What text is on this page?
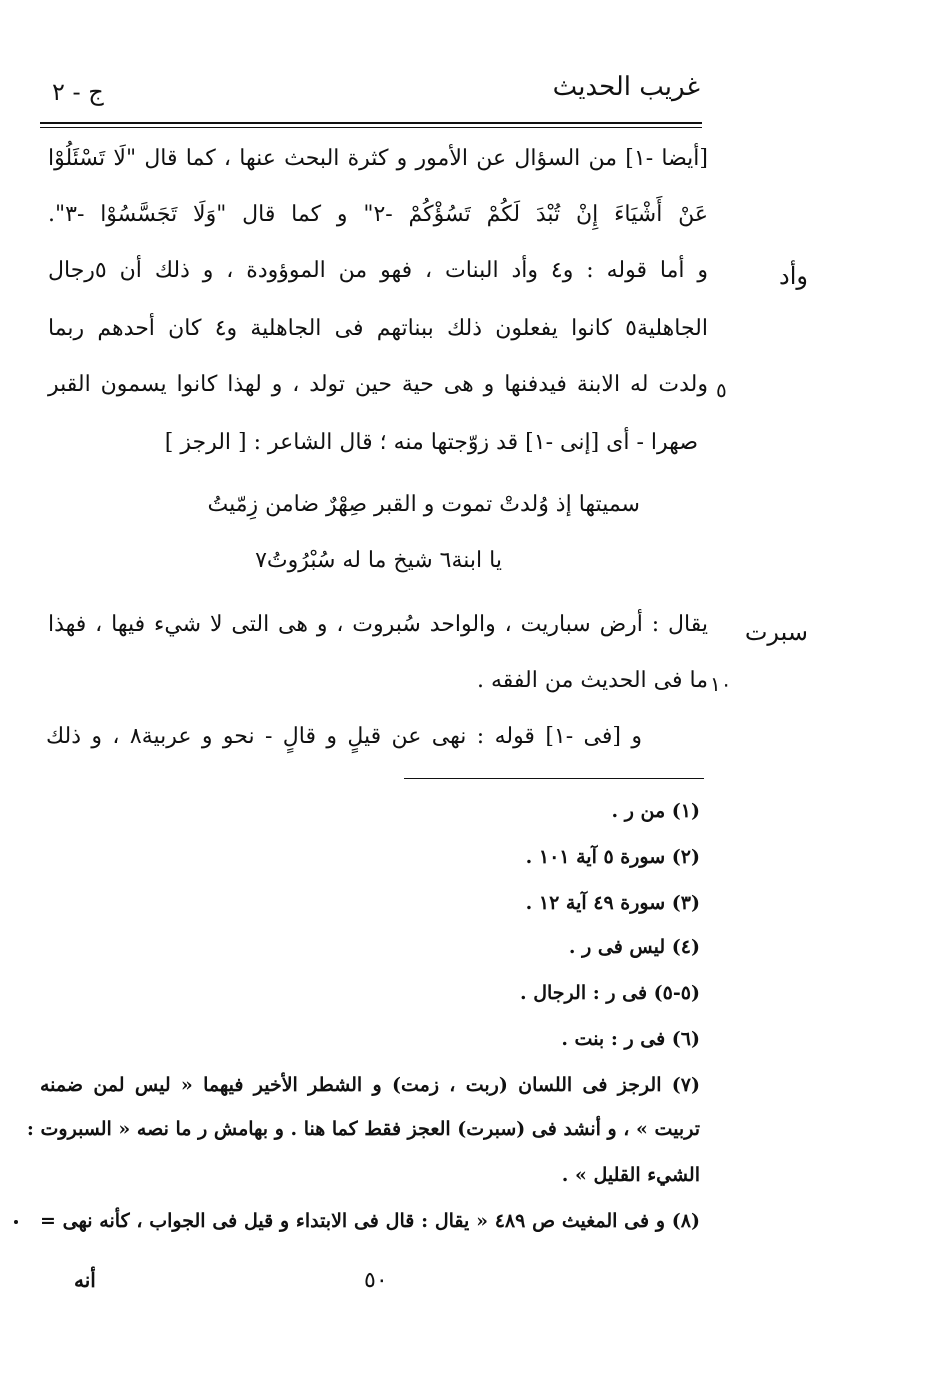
غريب الحديث
ج - ٢
[أيضا -١] من السؤال عن الأمور و كثرة البحث عنها ، كما قال "لَا تَسْئَلُوْا
عَنْ أَشْيَاءَ إِنْ تُبْدَ لَكُمْ تَسُؤْكُمْ -٢" و كما قال "وَلَا تَجَسَّسُوْا -٣".
وأد
و أما قوله : و٤ وأد البنات ، فهو من الموؤودة ، و ذلك أن ٥رجال
الجاهلية٥ كانوا يفعلون ذلك ببناتهم فى الجاهلية و٤ كان أحدهم ربما
٥
ولدت له الابنة فيدفنها و هى حية حين تولد ، و لهذا كانوا يسمون القبر
صهرا - أى [إنى -١] قد زوّجتها منه ؛ قال الشاعر : [ الرجز ]
سميتها إذ وُلدتْ تموت و القبر صِهْرٌ ضامن زِمّيتُ
يا ابنة٦ شيخ ما له سُبْرُوتُ٧
سبرت
يقال : أرض سباريت ، والواحد سُبروت ، و هى التى لا شيء فيها ، فهذا
١٠
ما فى الحديث من الفقه .
و [فى -١] قوله : نهى عن قيلٍ و قالٍ - نحو و عربية٨ ، و ذلك
(١) من ر .
(٢) سورة ٥ آية ١٠١ .
(٣) سورة ٤٩ آية ١٢ .
(٤) ليس فى ر .
(٥-٥) فى ر : الرجال .
(٦) فى ر : بنت .
(٧) الرجز فى اللسان (ربت ، زمت) و الشطر الأخير فيهما « ليس لمن ضمنه
تربيت » ، و أنشد فى (سبرت) العجز فقط كما هنا . و بهامش ر ما نصه « السبروت :
الشيء القليل » .
(٨) و فى المغيث ص ٤٨٩ « يقال : قال فى الابتداء و قيل فى الجواب ، كأنه نهى =
٥٠
أنه
